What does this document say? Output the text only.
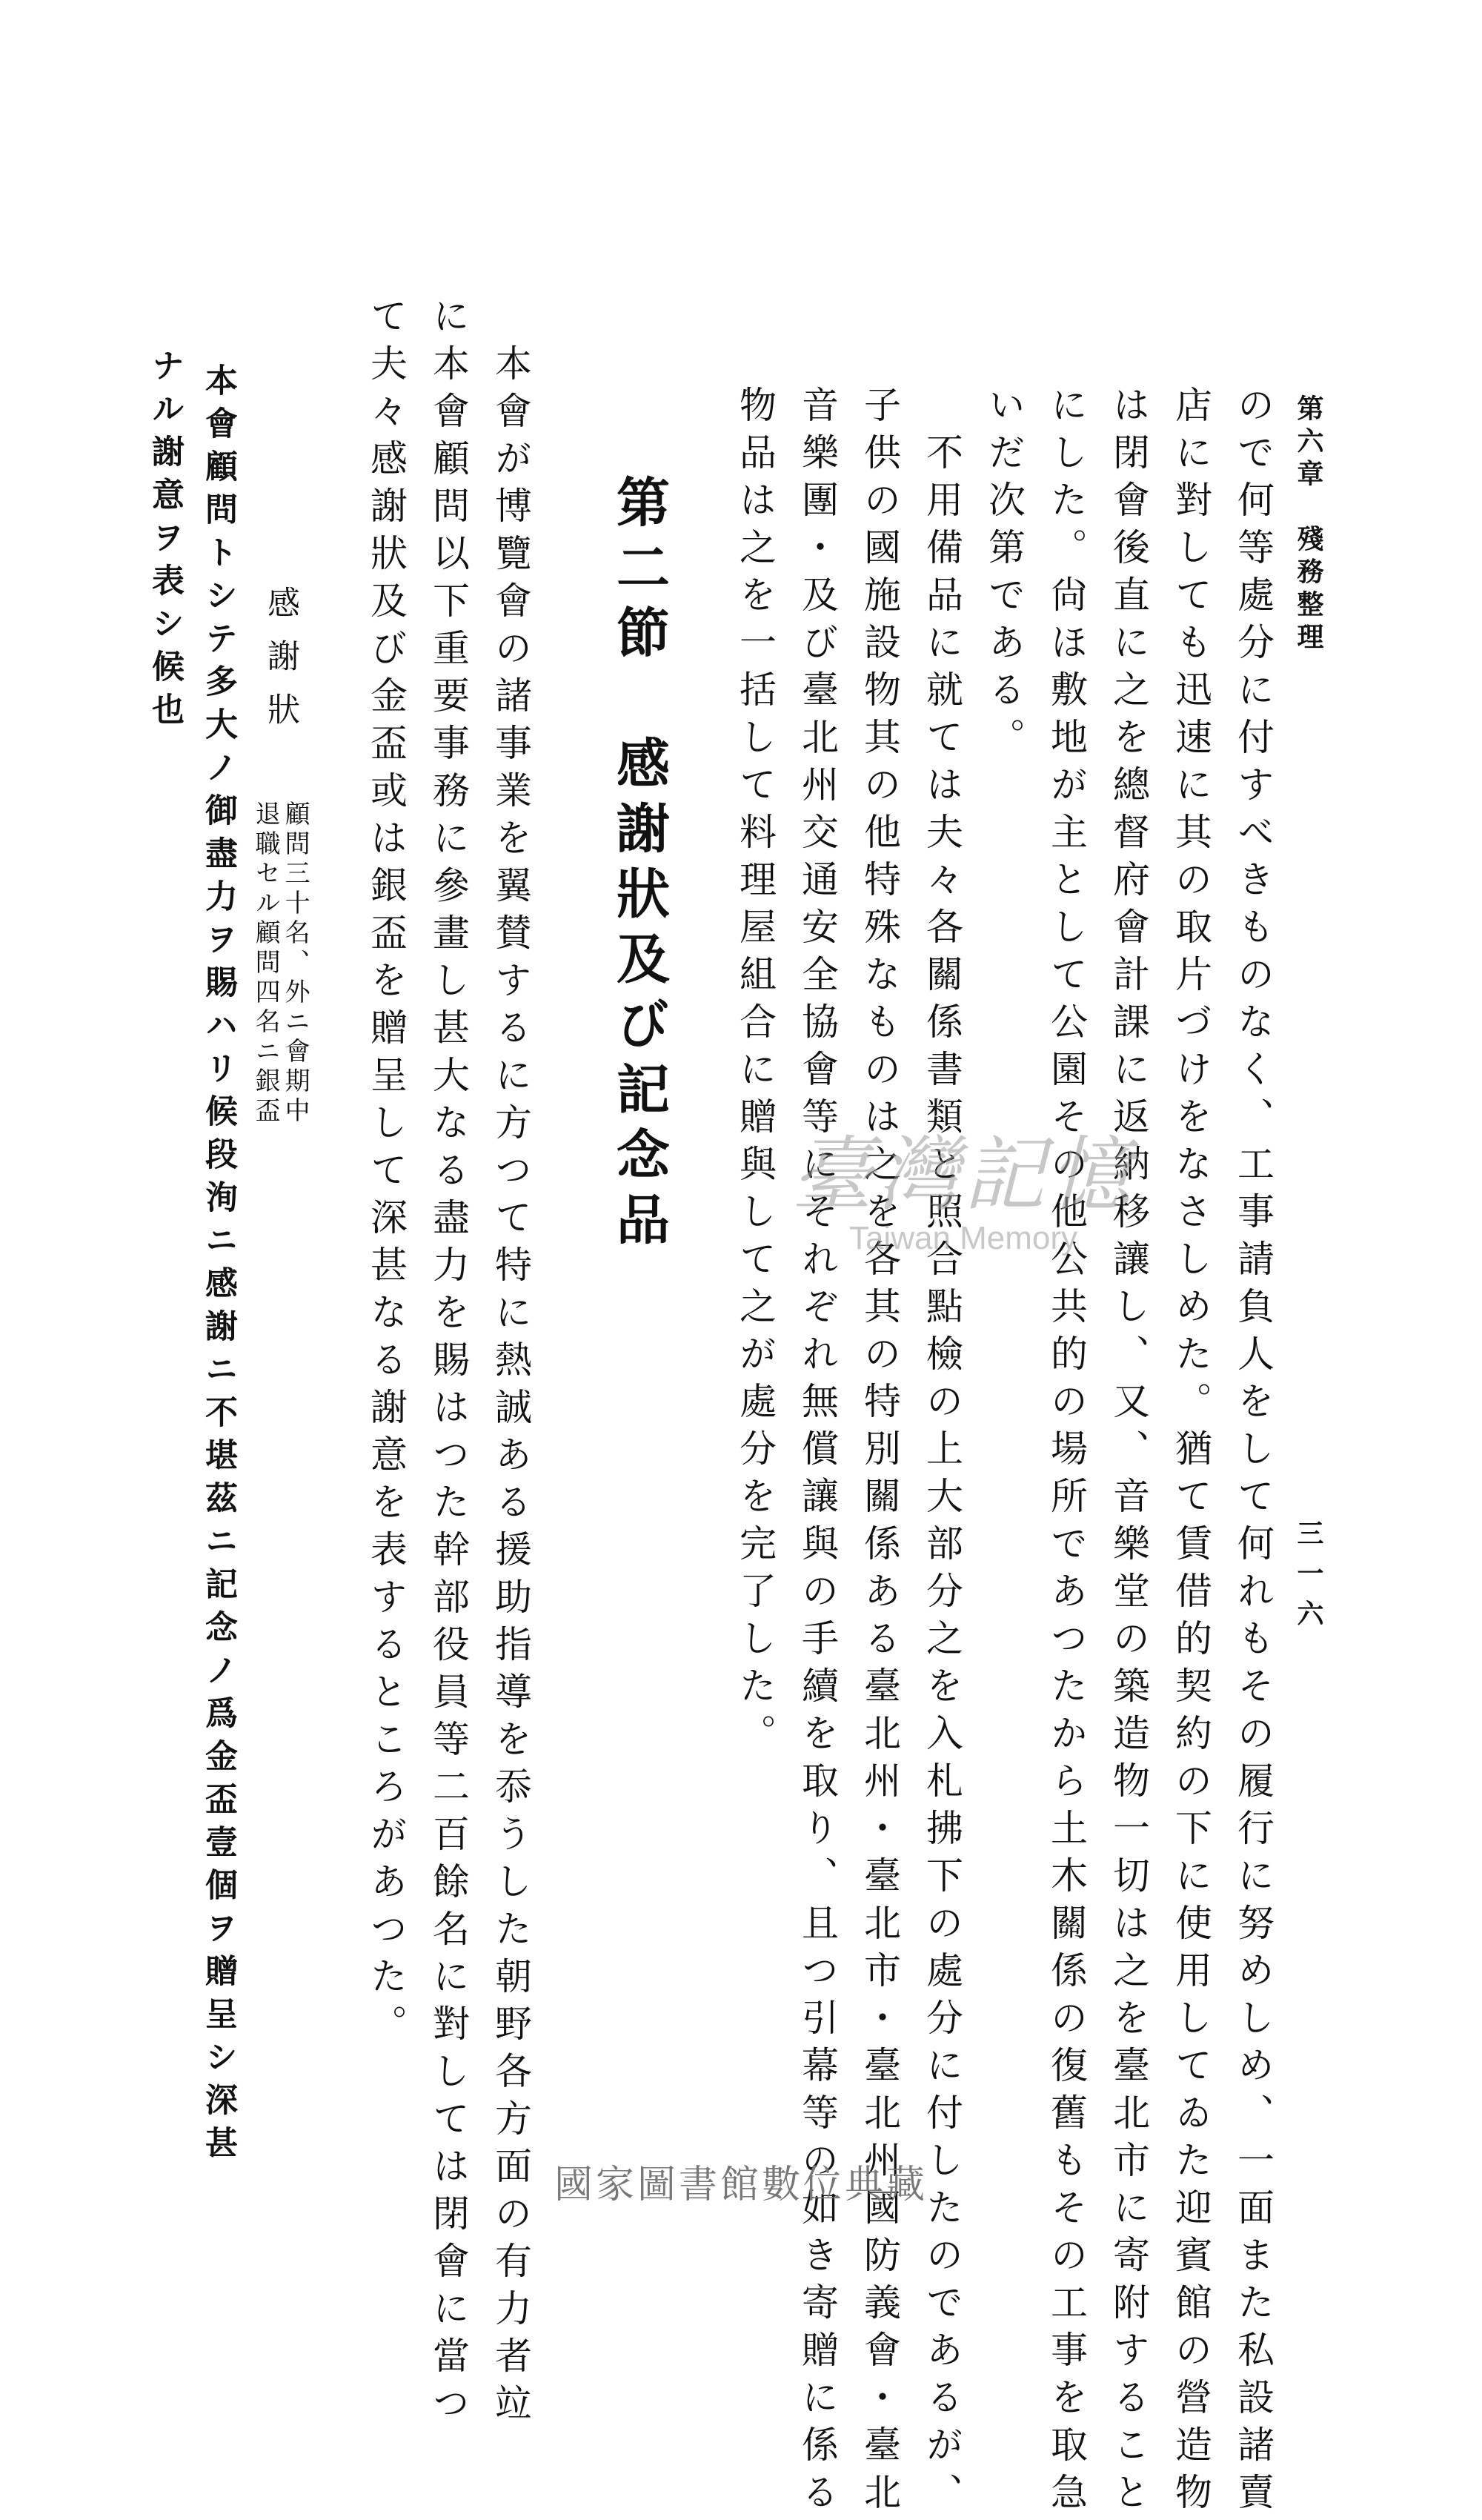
第六章　殘務整理
三一六
ので何等處分に付すべきものなく、工事請負人をして何れもその履行に努めしめ、一面また私設諸賣
店に對しても迅速に其の取片づけをなさしめた。猶て賃借的契約の下に使用してゐた迎賓館の營造物
は閉會後直に之を總督府會計課に返納移讓し、又、音樂堂の築造物一切は之を臺北市に寄附すること
にした。尙ほ敷地が主として公園その他公共的の場所であつたから土木關係の復舊もその工事を取急
いだ次第である。
　不用備品に就ては夫々各關係書類と照合點檢の上大部分之を入札拂下の處分に付したのであるが、
子供の國施設物其の他特殊なものは之を各其の特別關係ある臺北州・臺北市・臺北州國防義會・臺北
音樂團・及び臺北州交通安全協會等にそれぞれ無償讓與の手續を取り、且つ引幕等の如き寄贈に係る
物品は之を一括して料理屋組合に贈與して之が處分を完了した。
第二節　感謝狀及び記念品
　本會が博覽會の諸事業を翼賛するに方つて特に熱誠ある援助指導を忝うした朝野各方面の有力者竝
に本會顧問以下重要事務に參畫し甚大なる盡力を賜はつた幹部役員等二百餘名に對しては閉會に當つ
て夫々感謝狀及び金盃或は銀盃を贈呈して深甚なる謝意を表するところがあつた。
感謝狀
顧問三十名、外ニ會期中
退職セル顧問四名ニ銀盃
本會顧問トシテ多大ノ御盡力ヲ賜ハリ候段洵ニ感謝ニ不堪茲ニ記念ノ爲金盃壹個ヲ贈呈シ深甚
ナル謝意ヲ表シ候也
臺灣記憶
Taiwan Memory
國家圖書館數位典藏
